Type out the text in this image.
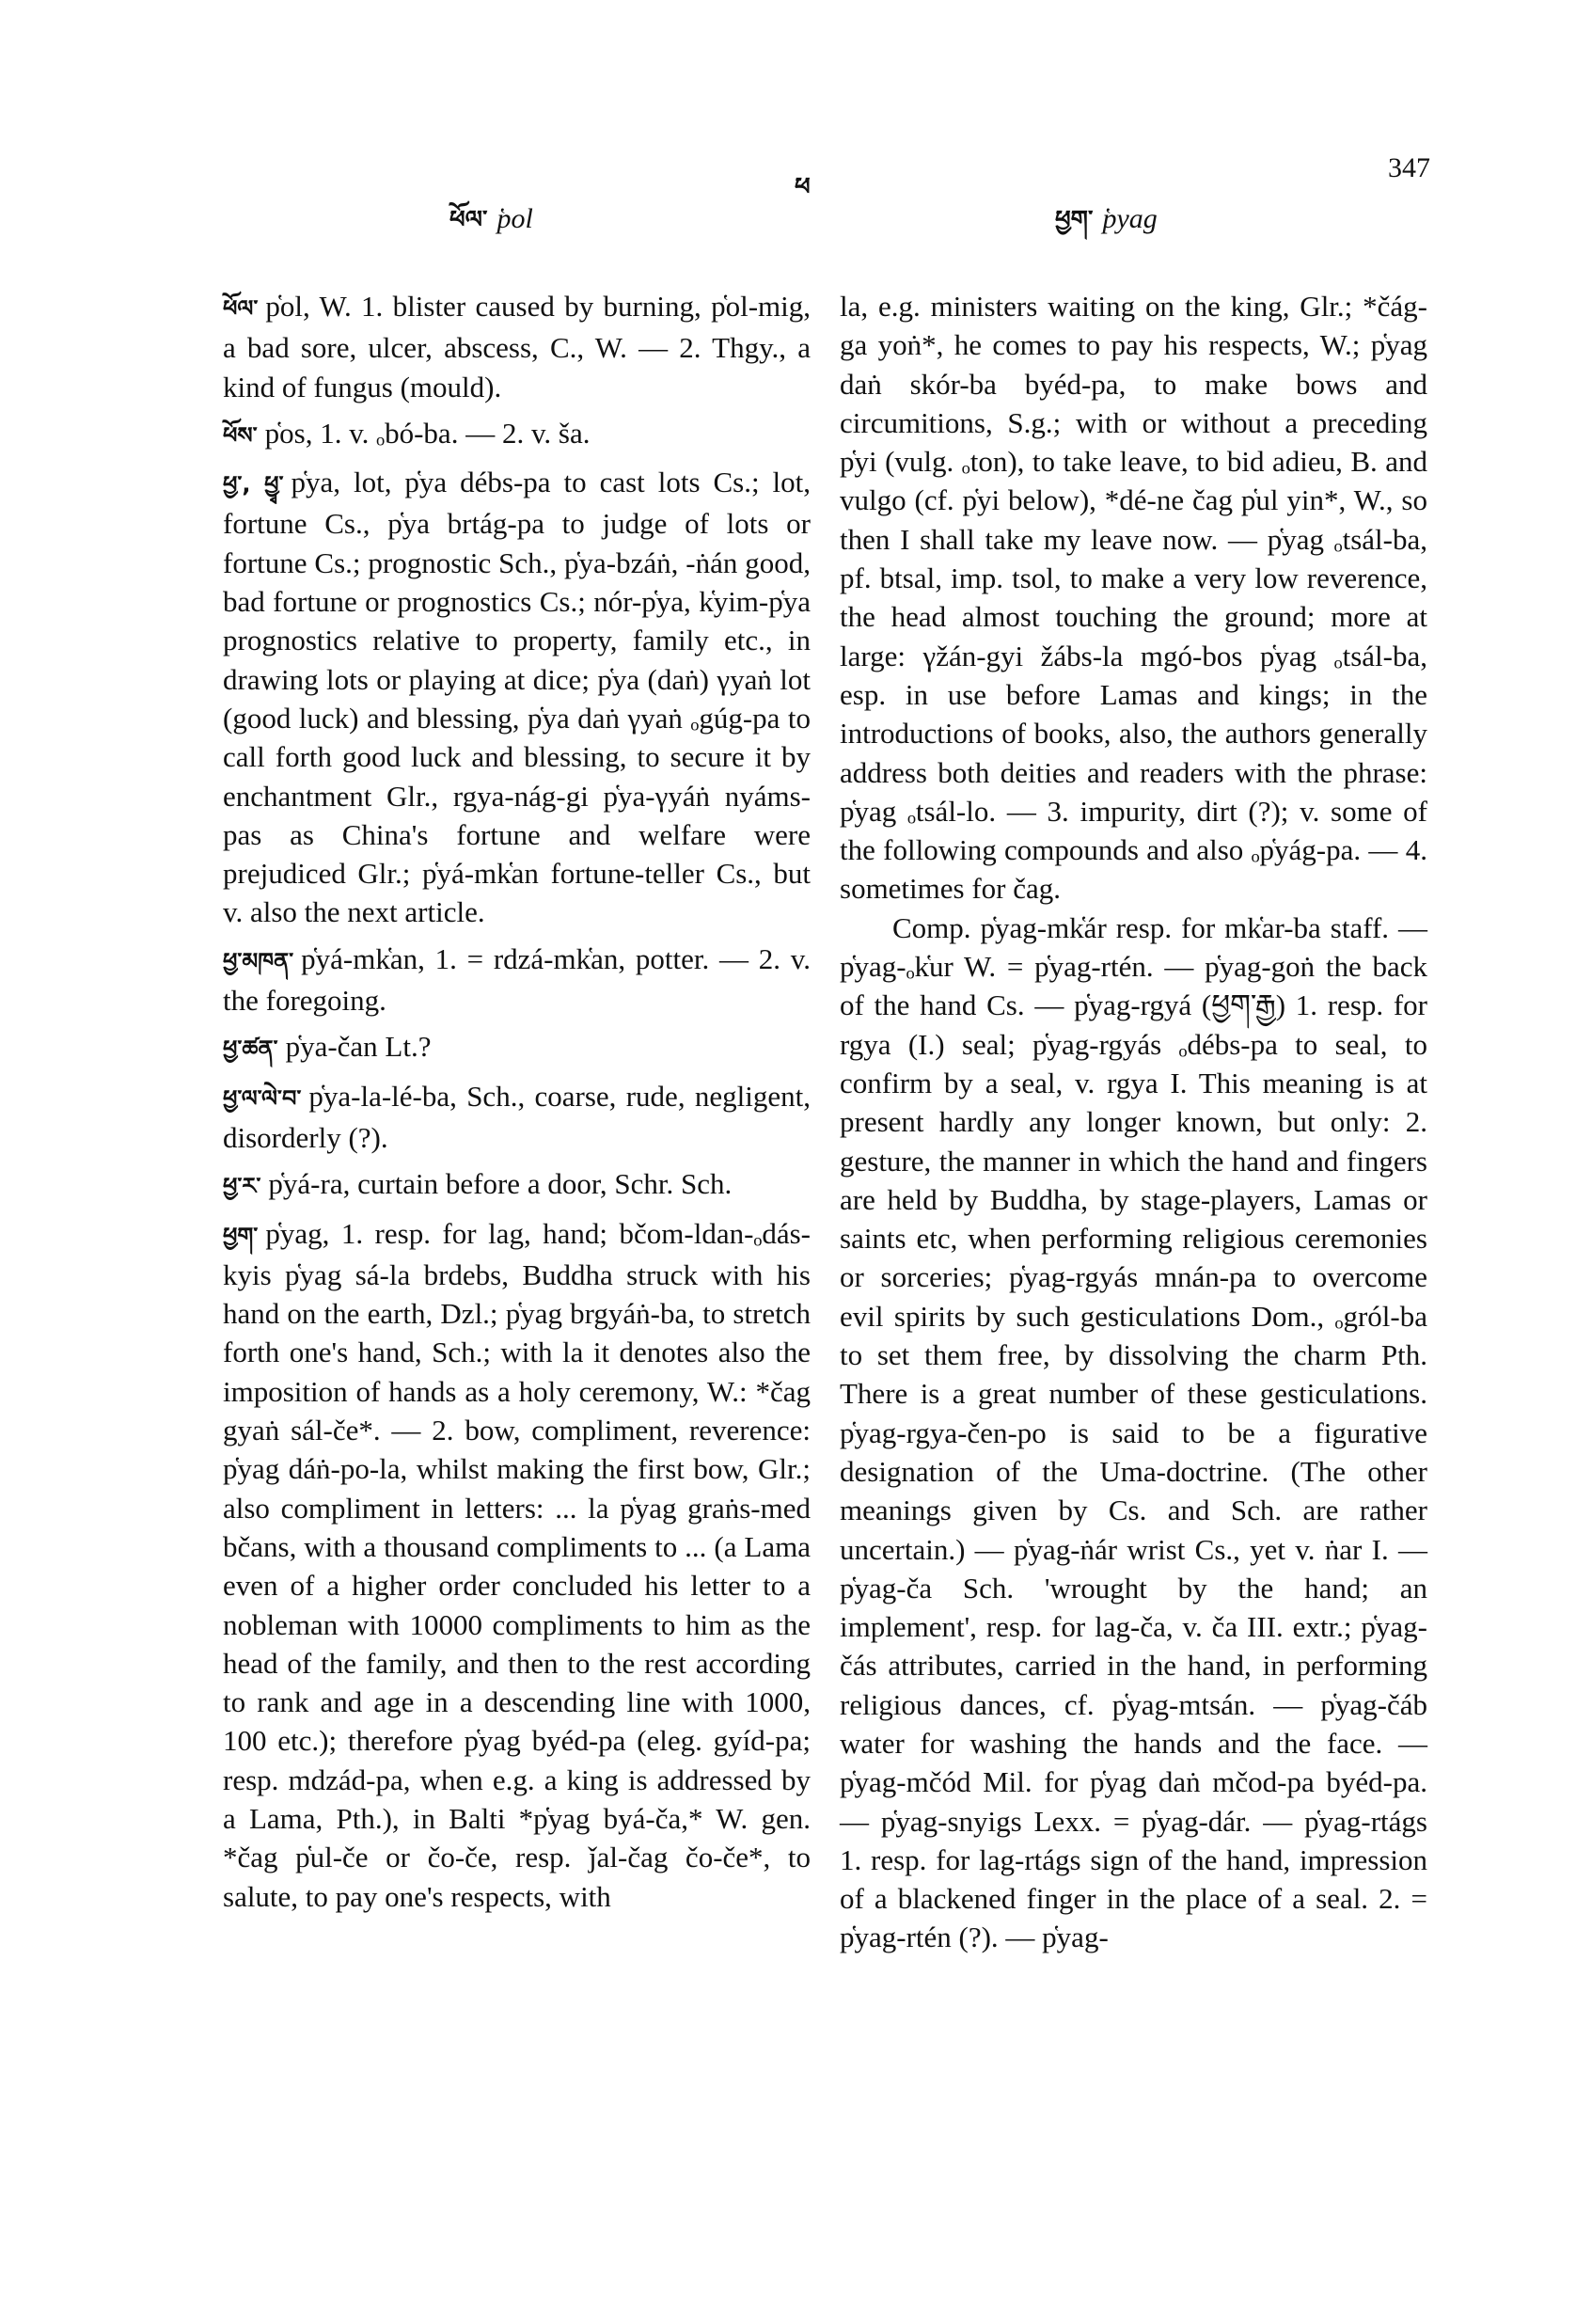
ཕོལ་ p̔ol
ཕ
ཕྱག་ p̔yag
347

ཕོལ་ p̔ol, W. 1. blister caused by burning, p̔ol-mig, a bad sore, ulcer, abscess, C., W. — 2. Thgy., a kind of fungus (mould).

ཕོས་ p̔os, 1. v. ₒbó-ba. — 2. v. ša.

ཕྱ་, ཕྱྭ་ p̔ya, lot, p̔ya débs-pa to cast lots Cs.; lot, fortune Cs., p̔ya brtág-pa to judge of lots or fortune Cs.; prognostic Sch., p̔ya-bzáṅ, -ṅán good, bad fortune or prognostics Cs.; nór-p̔ya, k̔yim-p̔ya prognostics relative to property, family etc., in drawing lots or playing at dice; p̔ya (daṅ) γyaṅ lot (good luck) and blessing, p̔ya daṅ γyaṅ ₒgúg-pa to call forth good luck and blessing, to secure it by enchantment Glr., rgya-nág-gi p̔ya-γyáṅ nyáms-pas as China's fortune and welfare were prejudiced Glr.; p̔yá-mk̔an fortune-teller Cs., but v. also the next article.

ཕྱ་མཁན་ p̔yá-mk̔an, 1. = rdzá-mk̔an, potter. — 2. v. the foregoing.

ཕྱ་ཚན་ p̔ya-čan Lt.?

ཕྱ་ལ་ལེ་བ་ p̔ya-la-lé-ba, Sch., coarse, rude, negligent, disorderly (?).

ཕྱ་ར་ p̔yá-ra, curtain before a door, Schr. Sch.

ཕྱག་ p̔yag, 1. resp. for lag, hand; bčom-ldan-ₒdás-kyis p̔yag sá-la brdebs, Buddha struck with his hand on the earth, Dzl.; p̔yag brgyáṅ-ba, to stretch forth one's hand, Sch.; with la it denotes also the imposition of hands as a holy ceremony, W.: *čag gyaṅ sál-če*. — 2. bow, compliment, reverence: p̔yag dáṅ-po-la, whilst making the first bow, Glr.; also compliment in letters: ... la p̔yag graṅs-med bčans, with a thousand compliments to ... (a Lama even of a higher order concluded his letter to a nobleman with 10000 compliments to him as the head of the family, and then to the rest according to rank and age in a descending line with 1000, 100 etc.); therefore p̔yag byéd-pa (eleg. gyíd-pa; resp. mdzád-pa, when e.g. a king is addressed by a Lama, Pth.), in Balti *p̔yag byá-ča,* W. gen. *čag p̔ul-če or čo-če, resp. ǰal-čag čo-če*, to salute, to pay one's respects, with

la, e.g. ministers waiting on the king, Glr.; *čág-ga yoṅ*, he comes to pay his respects, W.; p̔yag daṅ skór-ba byéd-pa, to make bows and circumitions, S.g.; with or without a preceding p̔yi (vulg. ₒton), to take leave, to bid adieu, B. and vulgo (cf. p̔yi below), *dé-ne čag p̔ul yin*, W., so then I shall take my leave now. — p̔yag ₒtsál-ba, pf. btsal, imp. tsol, to make a very low reverence, the head almost touching the ground; more at large: γžán-gyi žábs-la mgó-bos p̔yag ₒtsál-ba, esp. in use before Lamas and kings; in the introductions of books, also, the authors generally address both deities and readers with the phrase: p̔yag ₒtsál-lo. — 3. impurity, dirt (?); v. some of the following compounds and also ₒp̔yág-pa. — 4. sometimes for čag.

Comp. p̔yag-mk̔ár resp. for mk̔ar-ba staff. — p̔yag-ₒk̔ur W. = p̔yag-rtén. — p̔yag-goṅ the back of the hand Cs. — p̔yag-rgyá (ཕྱག་རྒྱ) 1. resp. for rgya (I.) seal; p̔yag-rgyás ₒdébs-pa to seal, to confirm by a seal, v. rgya I. This meaning is at present hardly any longer known, but only: 2. gesture, the manner in which the hand and fingers are held by Buddha, by stage-players, Lamas or saints etc, when performing religious ceremonies or sorceries; p̔yag-rgyás mnán-pa to overcome evil spirits by such gesticulations Dom., ₒgról-ba to set them free, by dissolving the charm Pth. There is a great number of these gesticulations. p̔yag-rgya-čen-po is said to be a figurative designation of the Uma-doctrine. (The other meanings given by Cs. and Sch. are rather uncertain.) — p̔yag-ṅár wrist Cs., yet v. ṅar I. — p̔yag-ča Sch. 'wrought by the hand; an implement', resp. for lag-ča, v. ča III. extr.; p̔yag-čás attributes, carried in the hand, in performing religious dances, cf. p̔yag-mtsán. — p̔yag-čáb water for washing the hands and the face. — p̔yag-mčód Mil. for p̔yag daṅ mčod-pa byéd-pa. — p̔yag-snyigs Lexx. = p̔yag-dár. — p̔yag-rtágs 1. resp. for lag-rtágs sign of the hand, impression of a blackened finger in the place of a seal. 2. = p̔yag-rtén (?). — p̔yag-
